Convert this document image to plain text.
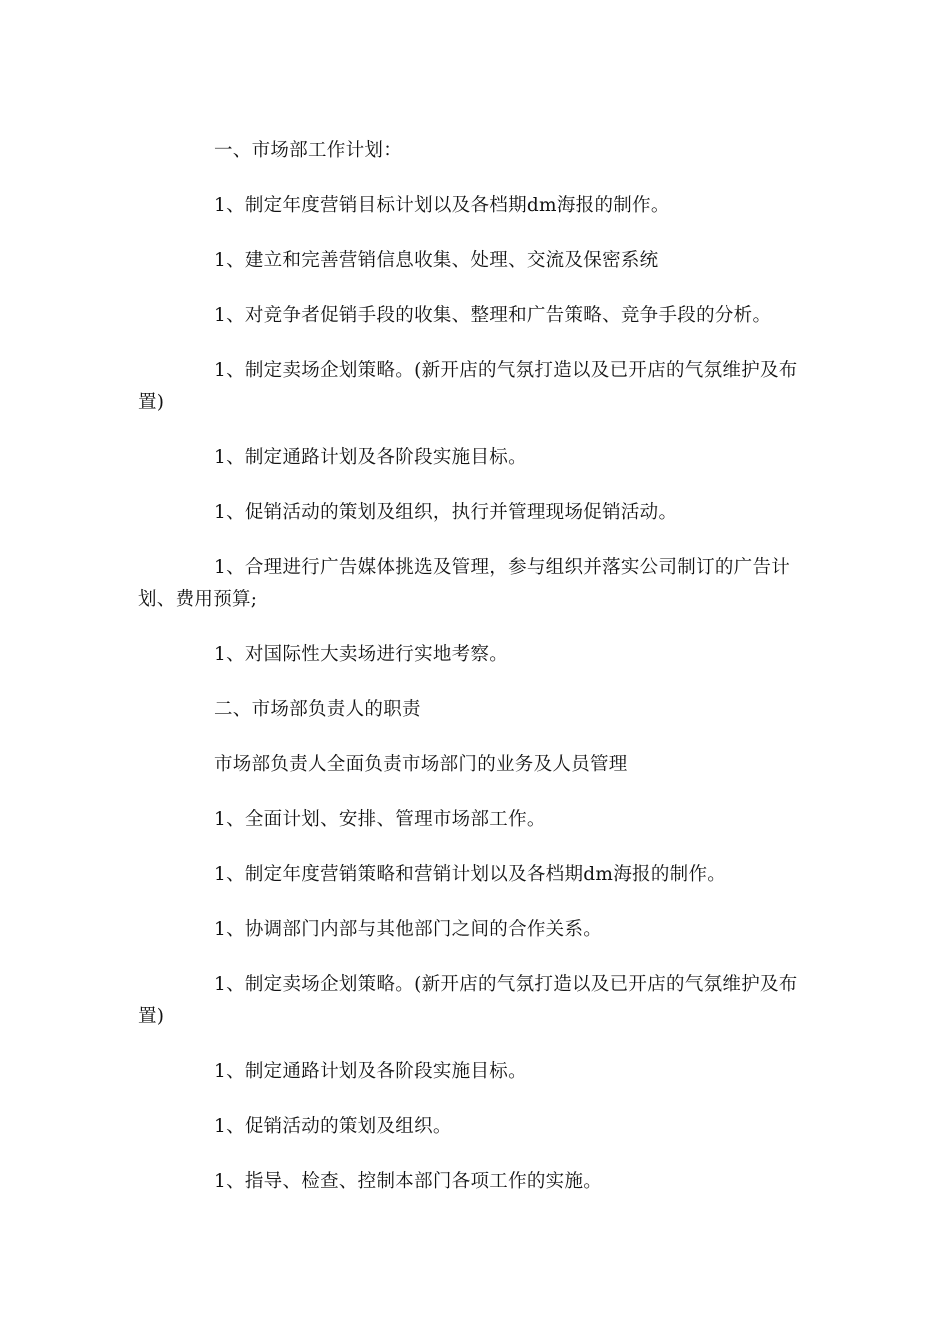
一、市场部工作计划：

1、制定年度营销目标计划以及各档期dm海报的制作。

1、建立和完善营销信息收集、处理、交流及保密系统

1、对竞争者促销手段的收集、整理和广告策略、竞争手段的分析。

1、制定卖场企划策略。(新开店的气氛打造以及已开店的气氛维护及布置)

1、制定通路计划及各阶段实施目标。

1、促销活动的策划及组织，执行并管理现场促销活动。

1、合理进行广告媒体挑选及管理，参与组织并落实公司制订的广告计划、费用预算;

1、对国际性大卖场进行实地考察。

二、市场部负责人的职责

市场部负责人全面负责市场部门的业务及人员管理

1、全面计划、安排、管理市场部工作。

1、制定年度营销策略和营销计划以及各档期dm海报的制作。

1、协调部门内部与其他部门之间的合作关系。

1、制定卖场企划策略。(新开店的气氛打造以及已开店的气氛维护及布置)

1、制定通路计划及各阶段实施目标。

1、促销活动的策划及组织。

1、指导、检查、控制本部门各项工作的实施。
